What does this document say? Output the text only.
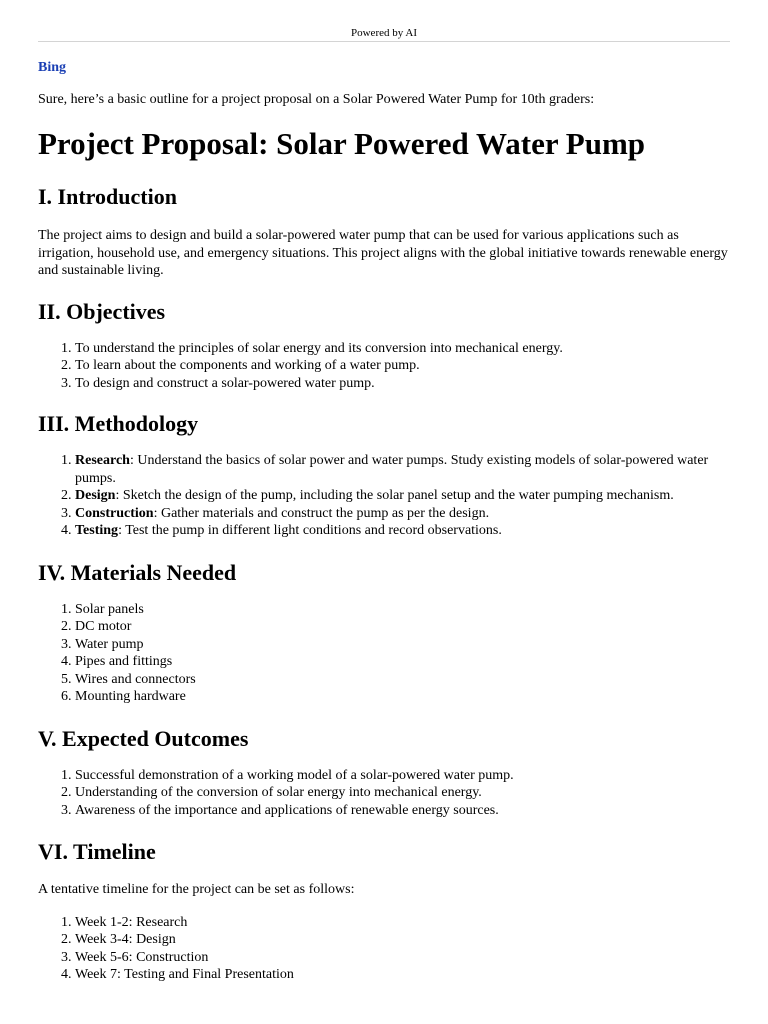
Powered by AI
Bing
Sure, here’s a basic outline for a project proposal on a Solar Powered Water Pump for 10th graders:
Project Proposal: Solar Powered Water Pump
I. Introduction

The project aims to design and build a solar-powered water pump that can be used for various applications such as irrigation, household use, and emergency situations. This project aligns with the global initiative towards renewable energy and sustainable living.

II. Objectives
1. To understand the principles of solar energy and its conversion into mechanical energy.
2. To learn about the components and working of a water pump.
3. To design and construct a solar-powered water pump.
III. Methodology
1. Research: Understand the basics of solar power and water pumps. Study existing models of solar-powered water pumps.
2. Design: Sketch the design of the pump, including the solar panel setup and the water pumping mechanism.
3. Construction: Gather materials and construct the pump as per the design.
4. Testing: Test the pump in different light conditions and record observations.
IV. Materials Needed
1. Solar panels
2. DC motor
3. Water pump
4. Pipes and fittings
5. Wires and connectors
6. Mounting hardware
V. Expected Outcomes
1. Successful demonstration of a working model of a solar-powered water pump.
2. Understanding of the conversion of solar energy into mechanical energy.
3. Awareness of the importance and applications of renewable energy sources.
VI. Timeline

A tentative timeline for the project can be set as follows:

1. Week 1-2: Research
2. Week 3-4: Design
3. Week 5-6: Construction
4. Week 7: Testing and Final Presentation
